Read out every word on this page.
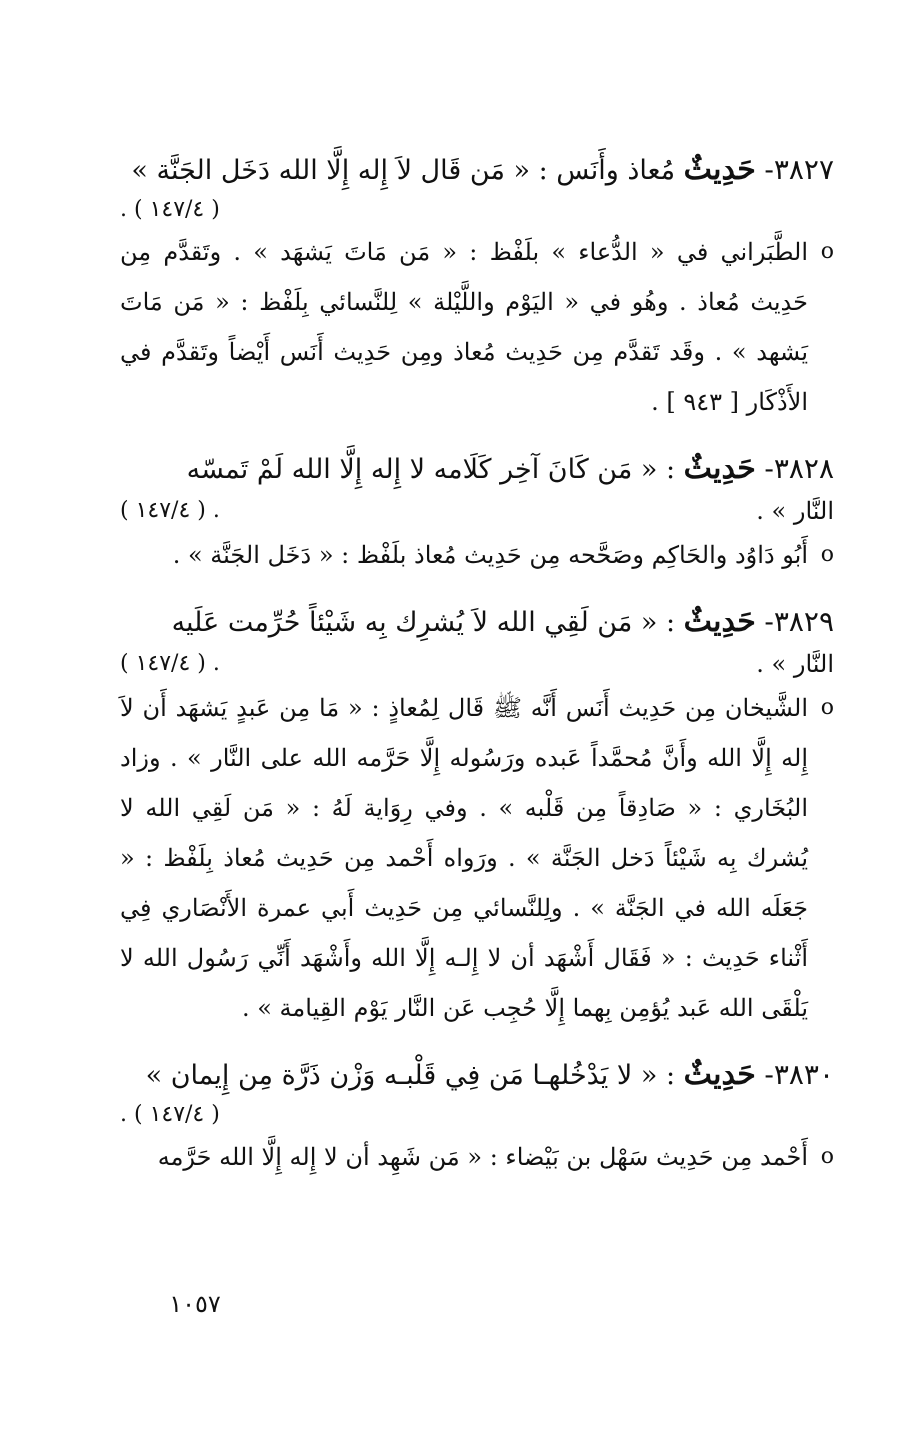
٣٨٢٧- حَدِيثٌ مُعاذ وأَنَس : « مَن قَال لاَ إِله إِلَّا الله دَخَل الجَنَّة »

. ( ١٤٧/٤ )

o
الطَّبَراني في « الدُّعاء » بلَفْظ : « مَن مَاتَ يَشهَد » . وتَقدَّم مِن حَدِيث مُعاذ . وهُو في « اليَوْم واللَّيْلة » لِلنَّسائي بِلَفْظ : « مَن مَاتَ يَشهد » . وقَد تَقدَّم مِن حَدِيث مُعاذ ومِن حَدِيث أَنَس أَيْضاً وتَقدَّم في الأَذْكَار [ ٩٤٣ ] .

٣٨٢٨- حَدِيثٌ : « مَن كَانَ آخِر كَلَامه لا إِله إِلَّا الله لَمْ تَمسّه

النَّار » .
( ١٤٧/٤ ) .

o
أَبُو دَاوُد والحَاكِم وصَحَّحه مِن حَدِيث مُعاذ بلَفْظ : « دَخَل الجَنَّة » .

٣٨٢٩- حَدِيثٌ : « مَن لَقِي الله لاَ يُشرِك بِه شَيْئاً حُرِّمت عَلَيه

النَّار » .
( ١٤٧/٤ ) .

o
الشَّيخان مِن حَدِيث أَنَس أَنَّه ﷺ قَال لِمُعاذٍ : « مَا مِن عَبدٍ يَشهَد أَن لاَ إِله إِلَّا الله وأَنَّ مُحمَّداً عَبده ورَسُوله إِلَّا حَرَّمه الله على النَّار » . وزاد البُخَاري : « صَادِقاً مِن قَلْبه » . وفي رِوَاية لَهُ : « مَن لَقِي الله لا يُشرك بِه شَيْئاً دَخل الجَنَّة » . ورَواه أَحْمد مِن حَدِيث مُعاذ بِلَفْظ : « جَعَلَه الله في الجَنَّة » . ولِلنَّسائي مِن حَدِيث أَبي عمرة الأَنْصَاري فِي أَثْناء حَدِيث : « فَقَال أَشْهَد أن لا إِلـه إِلَّا الله وأَشْهَد أَنِّي رَسُول الله لا يَلْقَى الله عَبد يُؤمِن بِهما إِلَّا حُجِب عَن النَّار يَوْم القِيامة » .

٣٨٣٠- حَدِيثٌ : « لا يَدْخُلهـا مَن فِي قَلْبـه وَزْن ذَرَّة مِن إِيمان »

. ( ١٤٧/٤ )

o
أَحْمد مِن حَدِيث سَهْل بن بَيْضاء : « مَن شَهِد أن لا إِله إِلَّا الله حَرَّمه

١٠٥٧
